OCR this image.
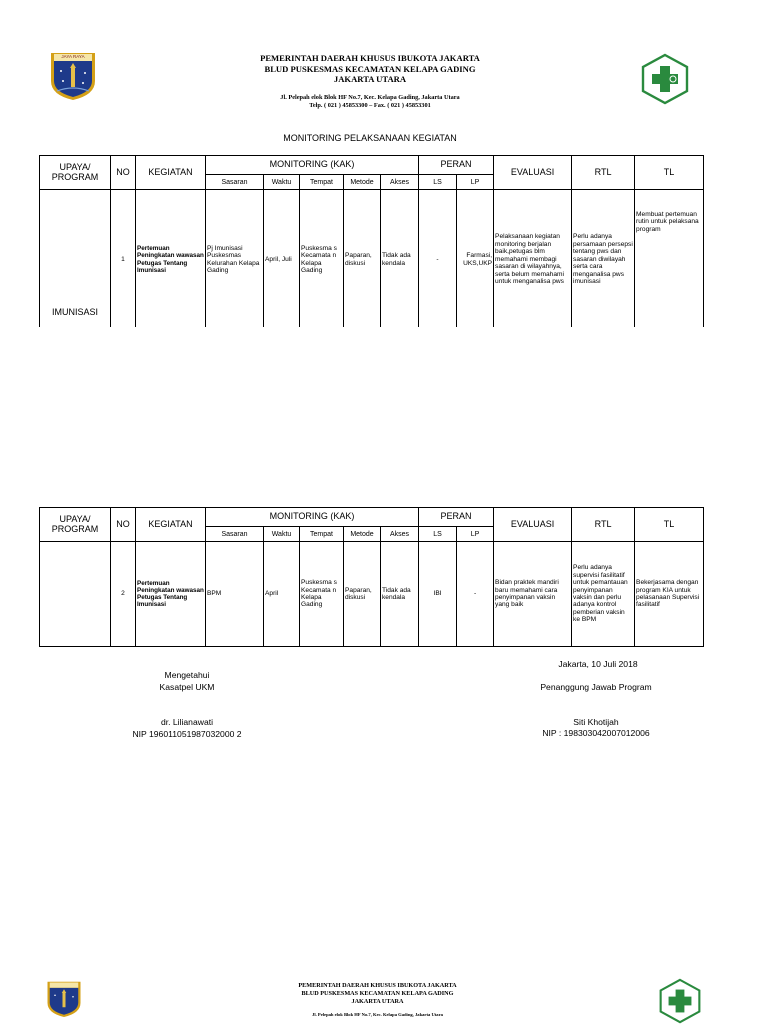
JAYA RAYA	PEMERINTAH DAERAH KHUSUS IBUKOTA JAKARTA
BLUD PUSKESMAS KECAMATAN KELAPA GADING
JAKARTA UTARA
Jl. Pelepah elok Blok HF No.7, Kec. Kelapa Gading, Jakarta Utara
Telp. ( 021 ) 45853300 – Fax. ( 021 ) 45853301
MONITORING PELAKSANAAN KEGIATAN
UPAYA/ PROGRAM	NO	KEGIATAN	MONITORING (KAK)					PERAN		EVALUASI	RTL	TL
			Sasaran	Waktu	Tempat	Metode	Akses	LS	LP			
IMUNISASI	1	Pertemuan Peningkatan wawasan Petugas Tentang Imunisasi	Pj Imunisasi Puskesmas Kelurahan Kelapa Gading	April, Juli	Puskesma s Kecamata n Kelapa Gading	Paparan, diskusi	Tidak ada kendala	-	Farmasi, UKS,UKP	Pelaksanaan kegiatan monitoring berjalan baik,petugas blm memahami membagi sasaran di wilayahnya, serta belum memahami untuk menganalisa pws	Perlu adanya persamaan persepsi tentang pws dan sasaran diwilayah serta cara menganalisa pws imunisasi	Membuat pertemuan rutin untuk pelaksana program
UPAYA/ PROGRAM	NO	KEGIATAN	MONITORING (KAK)					PERAN		EVALUASI	RTL	TL
			Sasaran	Waktu	Tempat	Metode	Akses	LS	LP			
	2	Pertemuan Peningkatan wawasan Petugas Tentang Imunisasi	BPM	April	Puskesma s Kecamata n Kelapa Gading	Paparan, diskusi	Tidak ada kendala	IBI	-	Bidan praktek mandiri baru memahami cara penyimpanan vaksin yang baik	Perlu adanya supervisi fasilitatif untuk pemantauan penyimpanan vaksin dan perlu adanya kontrol pemberian vaksin ke BPM	Bekerjasama dengan program KIA untuk pelasanaan Supervisi fasilitatif
Jakarta, 10 Juli 2018
Mengetahui
Kasatpel UKM	Penanggung Jawab Program
dr. Lilianawati	Siti Khotijah
NIP 196011051987032000 2	NIP : 198303042007012006
PEMERINTAH DAERAH KHUSUS IBUKOTA JAKARTA
BLUD PUSKESMAS KECAMATAN KELAPA GADING
JAKARTA UTARA
Jl. Pelepah elok Blok HF No.7, Kec. Kelapa Gading, Jakarta Utara
